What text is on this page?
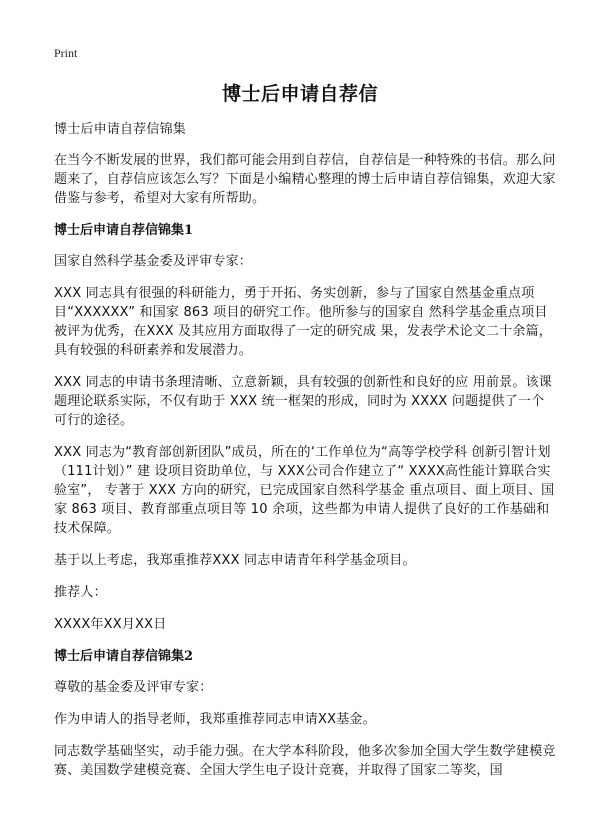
Print
博士后申请自荐信

博士后申请自荐信锦集

在当今不断发展的世界，我们都可能会用到自荐信，自荐信是一种特殊的书信。那么问题来了，自荐信应该怎么写？下面是小编精心整理的博士后申请自荐信锦集，欢迎大家借鉴与参考，希望对大家有所帮助。

博士后申请自荐信锦集1

国家自然科学基金委及评审专家：

XXX 同志具有很强的科研能力，勇于开拓、务实创新，参与了国家自然基金重点项目“XXXXXX” 和国家 863 项目的研究工作。他所参与的国家自 然科学基金重点项目被评为优秀，在XXX 及其应用方面取得了一定的研究成 果，发表学术论文二十余篇，具有较强的科研素养和发展潜力。

XXX 同志的申请书条理清晰、立意新颖，具有较强的创新性和良好的应 用前景。该课题理论联系实际，不仅有助于 XXX 统一框架的形成，同时为 XXXX 问题提供了一个可行的途径。

XXX 同志为“教育部创新团队”成员，所在的‘工作单位为“高等学校学科 创新引智计划（111计划）” 建 设项目资助单位，与 XXX公司合作建立了“ XXXX高性能计算联合实验室”， 专著于 XXX 方向的研究，已完成国家自然科学基金 重点项目、面上项目、国家 863 项目、教育部重点项目等 10 余项，这些都为申请人提供了良好的工作基础和技术保障。

基于以上考虑，我郑重推荐XXX 同志申请青年科学基金项目。

推荐人：

XXXX年XX月XX日

博士后申请自荐信锦集2

尊敬的基金委及评审专家：

作为申请人的指导老师，我郑重推荐同志申请XX基金。

同志数学基础坚实，动手能力强。在大学本科阶段，他多次参加全国大学生数学建模竞赛、美国数学建模竞赛、全国大学生电子设计竞赛，并取得了国家二等奖，国
